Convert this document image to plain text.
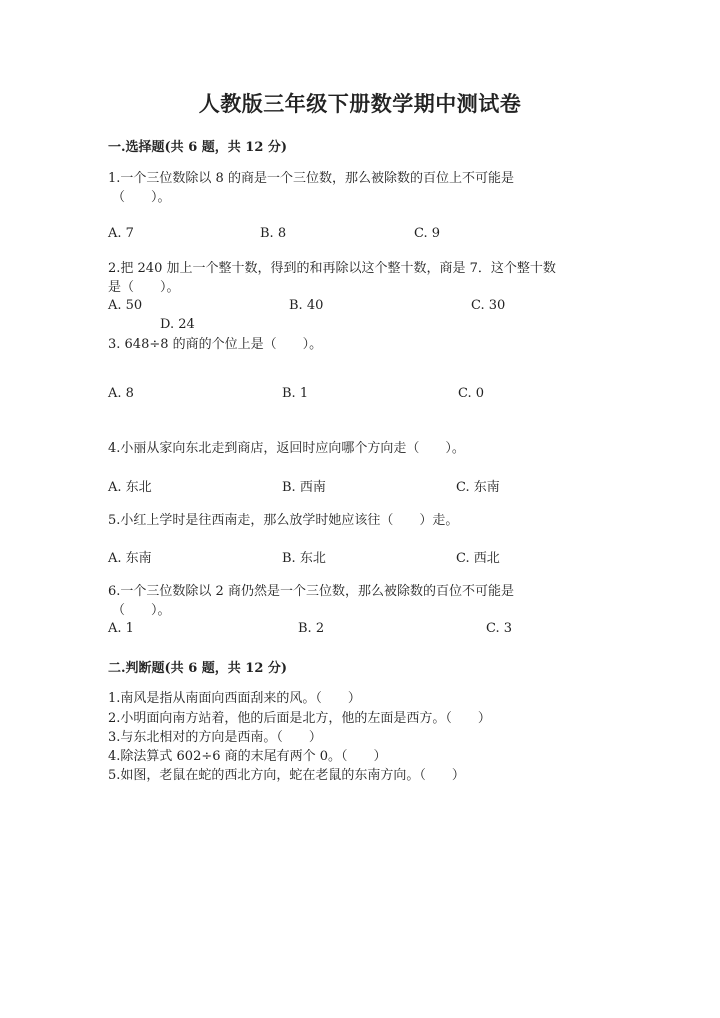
人教版三年级下册数学期中测试卷
一.选择题(共 6 题，共 12 分)
1.一个三位数除以 8 的商是一个三位数，那么被除数的百位上不可能是
（　　）。
A. 7	B. 8	C. 9
2.把 240 加上一个整十数，得到的和再除以这个整十数，商是 7．这个整十数
是（　　）。
A. 50	B. 40	C. 30
D. 24
3. 648÷8 的商的个位上是（　　）。
A. 8	B. 1	C. 0
4.小丽从家向东北走到商店，返回时应向哪个方向走（　　）。
A. 东北	B. 西南	C. 东南
5.小红上学时是往西南走，那么放学时她应该往（　　）走。
A. 东南	B. 东北	C. 西北
6.一个三位数除以 2 商仍然是一个三位数，那么被除数的百位不可能是
（　　）。
A. 1	B. 2	C. 3
二.判断题(共 6 题，共 12 分)
1.南风是指从南面向西面刮来的风。（　　）
2.小明面向南方站着，他的后面是北方，他的左面是西方。（　　）
3.与东北相对的方向是西南。（　　）
4.除法算式 602÷6 商的末尾有两个 0。（　　）
5.如图，老鼠在蛇的西北方向，蛇在老鼠的东南方向。（　　）
